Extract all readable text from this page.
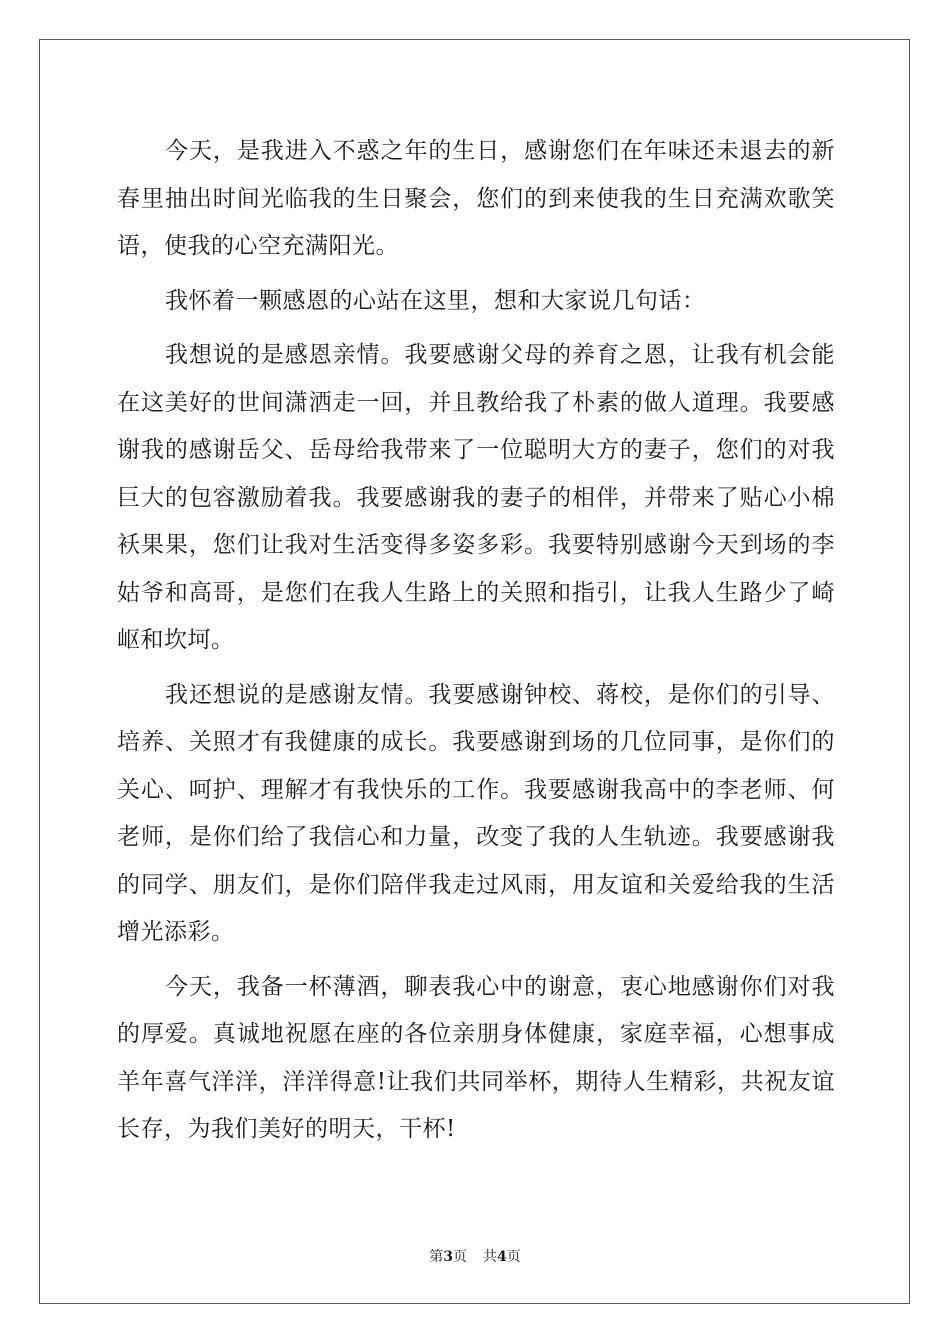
今天，是我进入不惑之年的生日，感谢您们在年味还未退去的新春里抽出时间光临我的生日聚会，您们的到来使我的生日充满欢歌笑语，使我的心空充满阳光。

我怀着一颗感恩的心站在这里，想和大家说几句话：

我想说的是感恩亲情。我要感谢父母的养育之恩，让我有机会能在这美好的世间潇洒走一回，并且教给我了朴素的做人道理。我要感谢我的感谢岳父、岳母给我带来了一位聪明大方的妻子，您们的对我巨大的包容激励着我。我要感谢我的妻子的相伴，并带来了贴心小棉袄果果，您们让我对生活变得多姿多彩。我要特别感谢今天到场的李姑爷和高哥，是您们在我人生路上的关照和指引，让我人生路少了崎岖和坎坷。

我还想说的是感谢友情。我要感谢钟校、蒋校，是你们的引导、培养、关照才有我健康的成长。我要感谢到场的几位同事，是你们的关心、呵护、理解才有我快乐的工作。我要感谢我高中的李老师、何老师，是你们给了我信心和力量，改变了我的人生轨迹。我要感谢我的同学、朋友们，是你们陪伴我走过风雨，用友谊和关爱给我的生活增光添彩。

今天，我备一杯薄酒，聊表我心中的谢意，衷心地感谢你们对我的厚爱。真诚地祝愿在座的各位亲朋身体健康，家庭幸福，心想事成羊年喜气洋洋，洋洋得意!让我们共同举杯，期待人生精彩，共祝友谊长存，为我们美好的明天，干杯!

第3页 共4页
